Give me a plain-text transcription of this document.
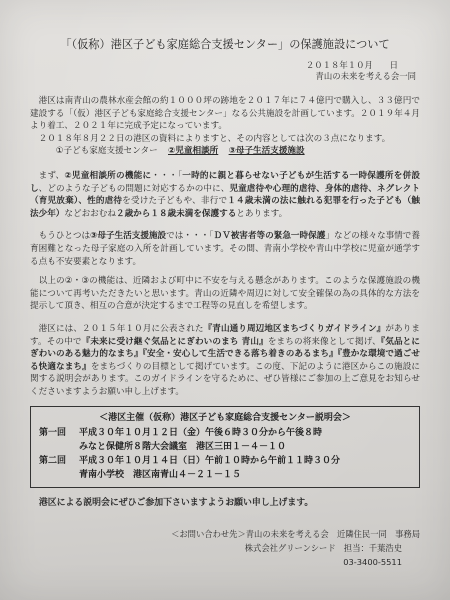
「（仮称）港区子ども家庭総合支援センター」の保護施設について
２０１８年１０月　　日
青山の未来を考える会一同

港区は南青山の農林水産会館の約１０００坪の跡地を２０１７年に７４億円で購入し、３３億円で建設する「（仮）港区子ども家庭総合支援センター」なる公共施設を計画しています。２０１９年４月より着工、２０２１年に完成予定になっています。

２０１８年８月２２日の港区の資料によりますと、その内容としては次の３点になります。

①子ども家庭支援センター ②児童相談所 ③母子生活支援施設

まず、②児童相談所の機能に・・・「一時的に親と暮らせない子どもが生活する一時保護所を併設し、どのような子どもの問題に対応するかの中に、児童虐待や心理的虐待、身体的虐待、ネグレクト（育児放棄）、性的虐待を受けた子どもや、非行で１４歳未満の法に触れる犯罪を行った子ども（触法少年）などおおむね２歳から１８歳未満を保護するとあります。

もうひとつは③母子生活支援施設では・・・「ＤＶ被害者等の緊急一時保護」などの様々な事情で養育困難となった母子家庭の入所を計画しています。その間、青南小学校や青山中学校に児童が通学する点も不安要素となります。

以上の②・③の機能は、近隣および町中に不安を与える懸念があります。このような保護施設の機能について再考いただきたいと思います。青山の近隣や周辺に対して安全確保の為の具体的な方法を提示して頂き、相互の合意が決定するまで工程等の見直しを希望します。

港区には、２０１５年１０月に公表された『青山通り周辺地区まちづくりガイドライン』があります。その中で『未来に受け継ぐ気品とにぎわいのまち 青山』をまちの将来像として掲げ、『気品とにぎわいのある魅力的なまち』『安全・安心して生活できる落ち着きのあるまち』『豊かな環境で過ごせる快適なまち』をまちづくりの目標として掲げています。この度、下記のように港区からこの施設に関する説明会があります。このガイドラインを守るために、ぜひ皆様にご参加の上ご意見をお知らせくださいますようお願い申し上げます。

＜港区主催（仮称）港区子ども家庭総合支援センター説明会＞
第一回	平成３０年１０月１２日（金）午後６時３０分から午後８時
みなと保健所８階大会議室　港区三田１－４－１０
第二回	平成３０年１０月１４日（日）午前１０時から午前１１時３０分
青南小学校　港区南青山４－２１－１５
港区による説明会にぜひご参加下さいますようお願い申し上げます。
＜お問い合わせ先＞青山の未来を考える会　近隣住民一同　事務局
株式会社グリーンシード　担当：千葉浩史
03-3400-5511
